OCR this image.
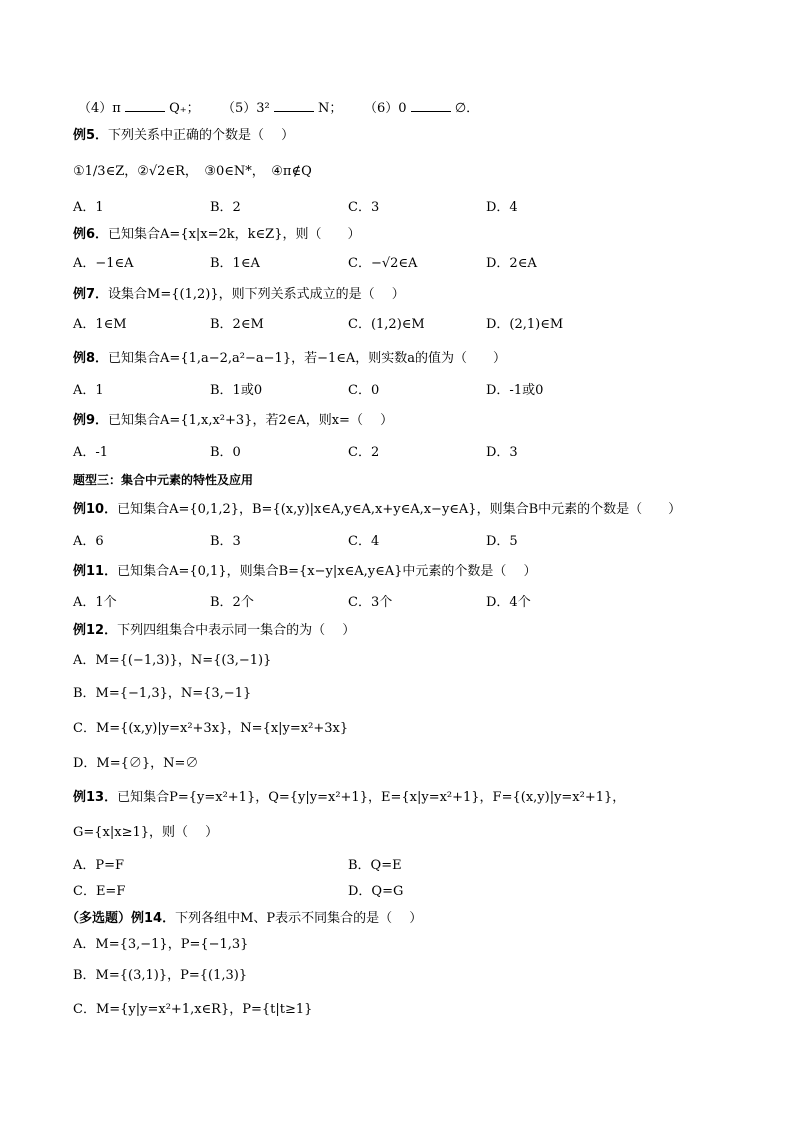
（4）π	Q₊； （5）3²	N； （6）0	∅．
例5．下列关系中正确的个数是（　 ）
①1/3∈Z，②√2∈R，　③0∈N*，　④π∉Q
A．1	B．2	C．3	D．4
例6．已知集合A={x|x=2k，k∈Z}，则（　　）
A．−1∈A	B．1∈A	C．−√2∈A	D．2∈A
例7．设集合M={(1,2)}，则下列关系式成立的是（　 ）
A．1∈M	B．2∈M	C．(1,2)∈M	D．(2,1)∈M
例8．已知集合A={1,a−2,a²−a−1}，若−1∈A，则实数a的值为（　　）
A．1	B．1或0	C．0	D．-1或0
例9．已知集合A={1,x,x²+3}，若2∈A，则x=（　 ）
A．-1	B．0	C．2	D．3
题型三：集合中元素的特性及应用
例10．已知集合A={0,1,2}，B={(x,y)|x∈A,y∈A,x+y∈A,x−y∈A}，则集合B中元素的个数是（　　）
A．6	B．3	C．4	D．5
例11．已知集合A={0,1}，则集合B={x−y|x∈A,y∈A}中元素的个数是（　 ）
A．1个	B．2个	C．3个	D．4个
例12．下列四组集合中表示同一集合的为（　 ）
A．M={(−1,3)}，N={(3,−1)}
B．M={−1,3}，N={3,−1}
C．M={(x,y)|y=x²+3x}，N={x|y=x²+3x}
D．M={∅}，N=∅
例13．已知集合P={y=x²+1}，Q={y|y=x²+1}，E={x|y=x²+1}，F={(x,y)|y=x²+1}，
G={x|x≥1}，则（　 ）
A．P=F	B．Q=E
C．E=F	D．Q=G
（多选题）例14．下列各组中M、P表示不同集合的是（　 ）
A．M={3,−1}，P={−1,3}
B．M={(3,1)}，P={(1,3)}
C．M={y|y=x²+1,x∈R}，P={t|t≥1}
